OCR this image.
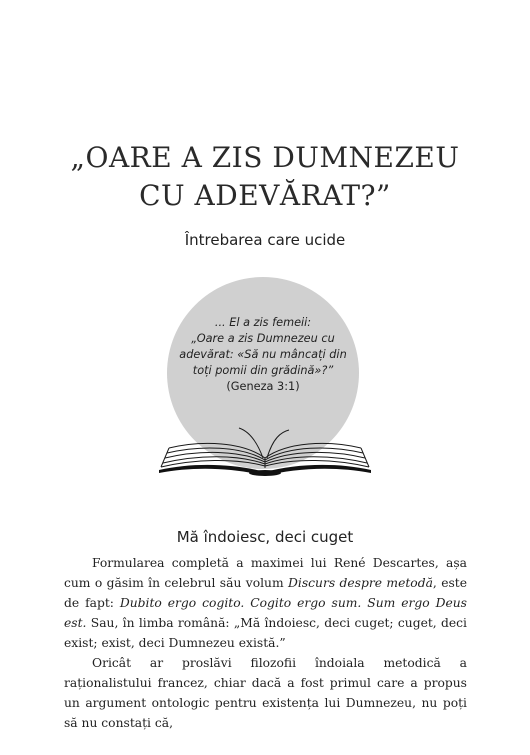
„OARE A ZIS DUMNEZEU
CU ADEVĂRAT?”
Întrebarea care ucide
... El a zis femeii:
„Oare a zis Dumnezeu cu adevărat: «Să nu mâncați din toți pomii din grădină»?”
(Geneza 3:1)
Mă îndoiesc, deci cuget

Formularea completă a maximei lui René Descartes, așa cum o găsim în celebrul său volum Discurs despre metodă, este de fapt: Dubito ergo cogito. Cogito ergo sum. Sum ergo Deus est. Sau, în limba română: „Mă îndoiesc, deci cuget; cuget, deci exist; exist, deci Dumnezeu există.”

Oricât ar proslăvi filozofii îndoiala metodică a raționalistului francez, chiar dacă a fost primul care a propus un argument ontologic pentru existența lui Dumnezeu, nu poți să nu constați că,
